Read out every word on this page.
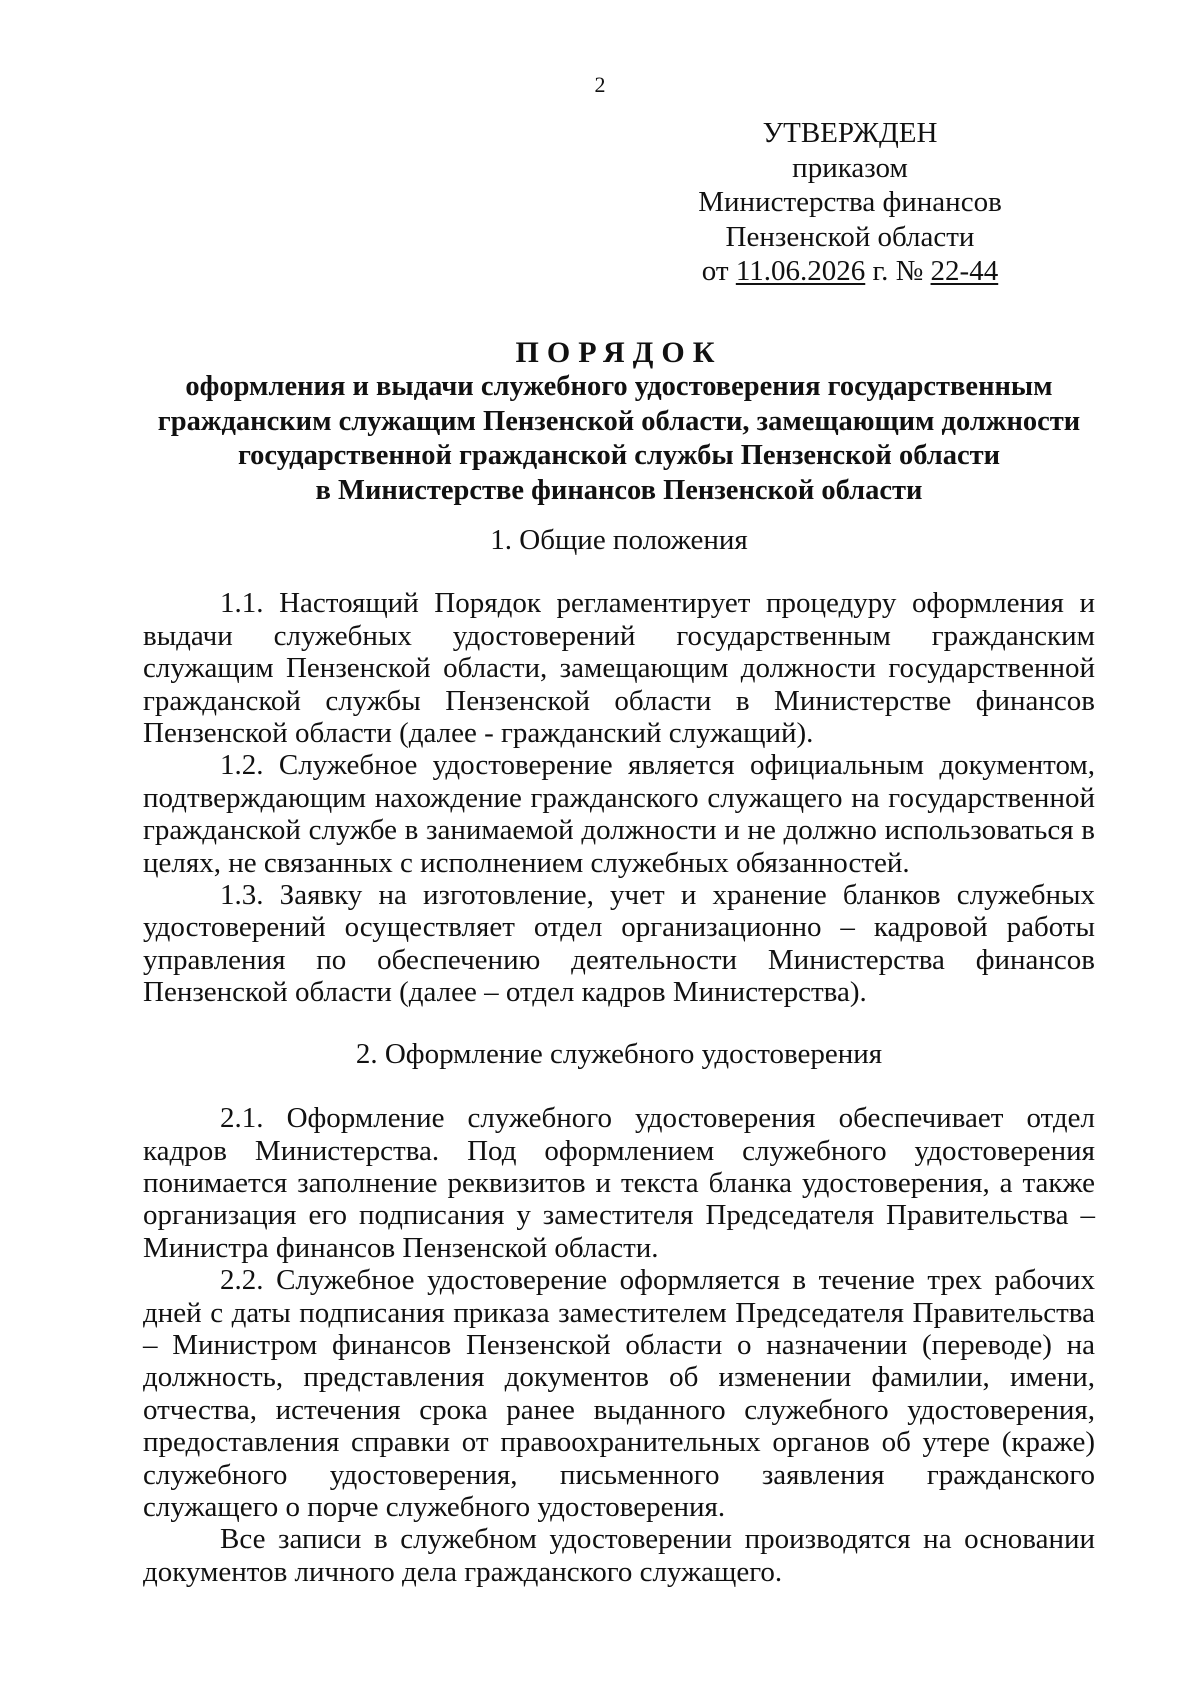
2
УТВЕРЖДЕН
приказом
Министерства финансов
Пензенской области
от 11.06.2026 г. № 22-44

ПОРЯДОК

оформления и выдачи служебного удостоверения государственным
гражданским служащим Пензенской области, замещающим должности
государственной гражданской службы Пензенской области
в Министерстве финансов Пензенской области

1. Общие положения

1.1. Настоящий Порядок регламентирует процедуру оформления и выдачи служебных удостоверений государственным гражданским служащим Пензенской области, замещающим должности государственной гражданской службы Пензенской области в Министерстве финансов Пензенской области (далее - гражданский служащий).

1.2. Служебное удостоверение является официальным документом, подтверждающим нахождение гражданского служащего на государственной гражданской службе в занимаемой должности и не должно использоваться в целях, не связанных с исполнением служебных обязанностей.

1.3. Заявку на изготовление, учет и хранение бланков служебных удостоверений осуществляет отдел организационно – кадровой работы управления по обеспечению деятельности Министерства финансов Пензенской области (далее – отдел кадров Министерства).

2. Оформление служебного удостоверения

2.1. Оформление служебного удостоверения обеспечивает отдел кадров Министерства. Под оформлением служебного удостоверения понимается заполнение реквизитов и текста бланка удостоверения, а также организация его подписания у заместителя Председателя Правительства – Министра финансов Пензенской области.

2.2. Служебное удостоверение оформляется в течение трех рабочих дней с даты подписания приказа заместителем Председателя Правительства – Министром финансов Пензенской области о назначении (переводе) на должность, представления документов об изменении фамилии, имени, отчества, истечения срока ранее выданного служебного удостоверения, предоставления справки от правоохранительных органов об утере (краже) служебного удостоверения, письменного заявления гражданского служащего о порче служебного удостоверения.

Все записи в служебном удостоверении производятся на основании документов личного дела гражданского служащего.
